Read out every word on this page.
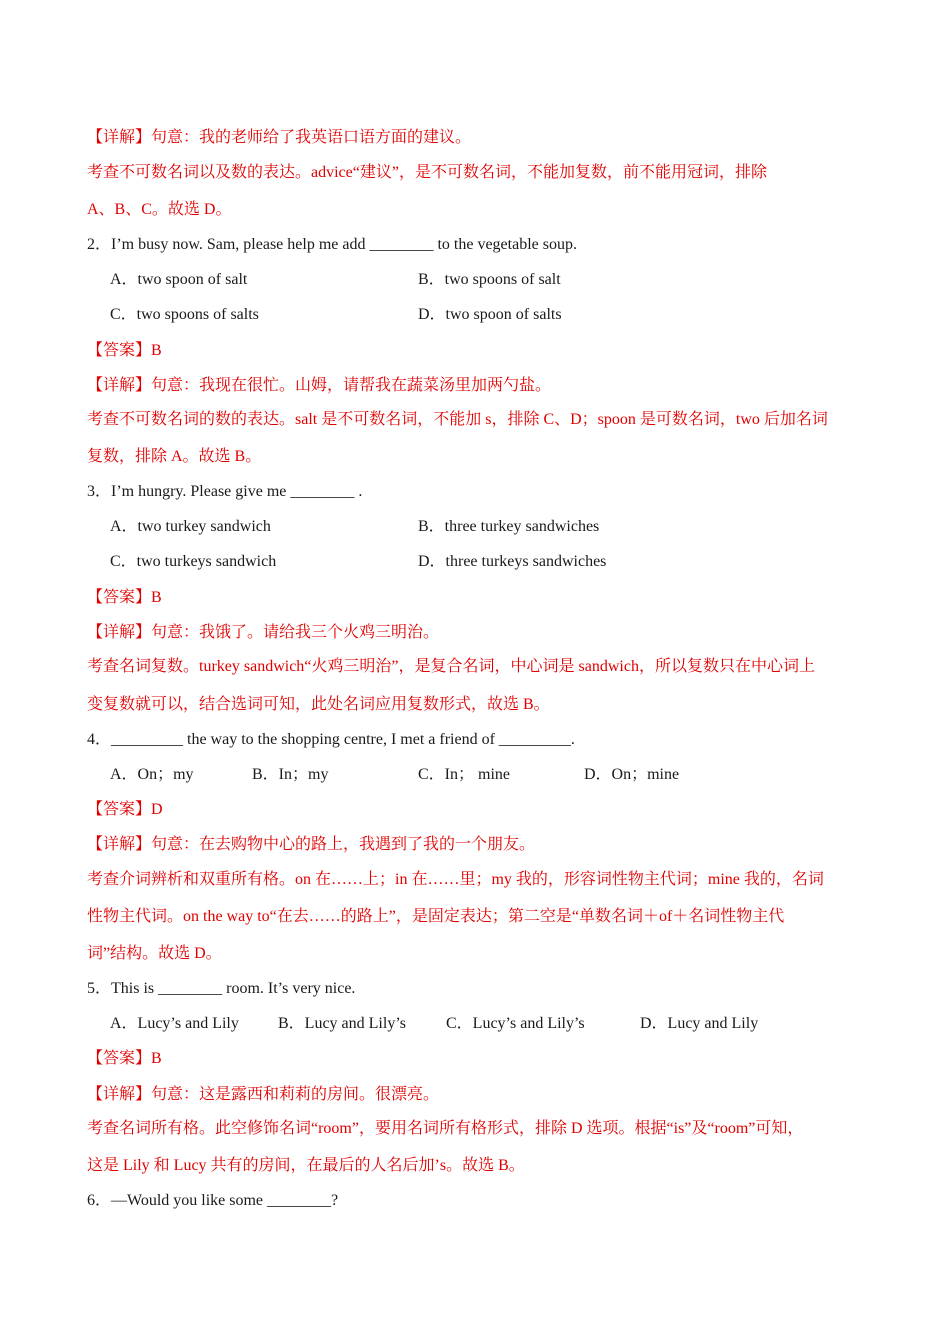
【详解】句意：我的老师给了我英语口语方面的建议。
考查不可数名词以及数的表达。advice“建议”，是不可数名词，不能加复数，前不能用冠词，排除
A、B、C。故选 D。
2．I’m busy now. Sam, please help me add ________ to the vegetable soup.
A．two spoon of salt	B．two spoons of salt
C．two spoons of salts	D．two spoon of salts
【答案】B
【详解】句意：我现在很忙。山姆，请帮我在蔬菜汤里加两勺盐。
考查不可数名词的数的表达。salt 是不可数名词，不能加 s，排除 C、D；spoon 是可数名词，two 后加名词
复数，排除 A。故选 B。
3．I’m hungry. Please give me ________ .
A．two turkey sandwich	B．three turkey sandwiches
C．two turkeys sandwich	D．three turkeys sandwiches
【答案】B
【详解】句意：我饿了。请给我三个火鸡三明治。
考查名词复数。turkey sandwich“火鸡三明治”，是复合名词，中心词是 sandwich，所以复数只在中心词上
变复数就可以，结合选词可知，此处名词应用复数形式，故选 B。
4．_________ the way to the shopping centre, I met a friend of _________.
A．On；my	B．In；my	C．In； mine	D．On；mine
【答案】D
【详解】句意：在去购物中心的路上，我遇到了我的一个朋友。
考查介词辨析和双重所有格。on 在……上；in 在……里；my 我的，形容词性物主代词；mine 我的，名词
性物主代词。on the way to“在去……的路上”，是固定表达；第二空是“单数名词＋of＋名词性物主代
词”结构。故选 D。
5．This is ________ room. It’s very nice.
A．Lucy’s and Lily B．Lucy and Lily’s	C．Lucy’s and Lily’s	D．Lucy and Lily
【答案】B
【详解】句意：这是露西和莉莉的房间。很漂亮。
考查名词所有格。此空修饰名词“room”，要用名词所有格形式，排除 D 选项。根据“is”及“room”可知，
这是 Lily 和 Lucy 共有的房间，在最后的人名后加’s。故选 B。
6．—Would you like some ________?
